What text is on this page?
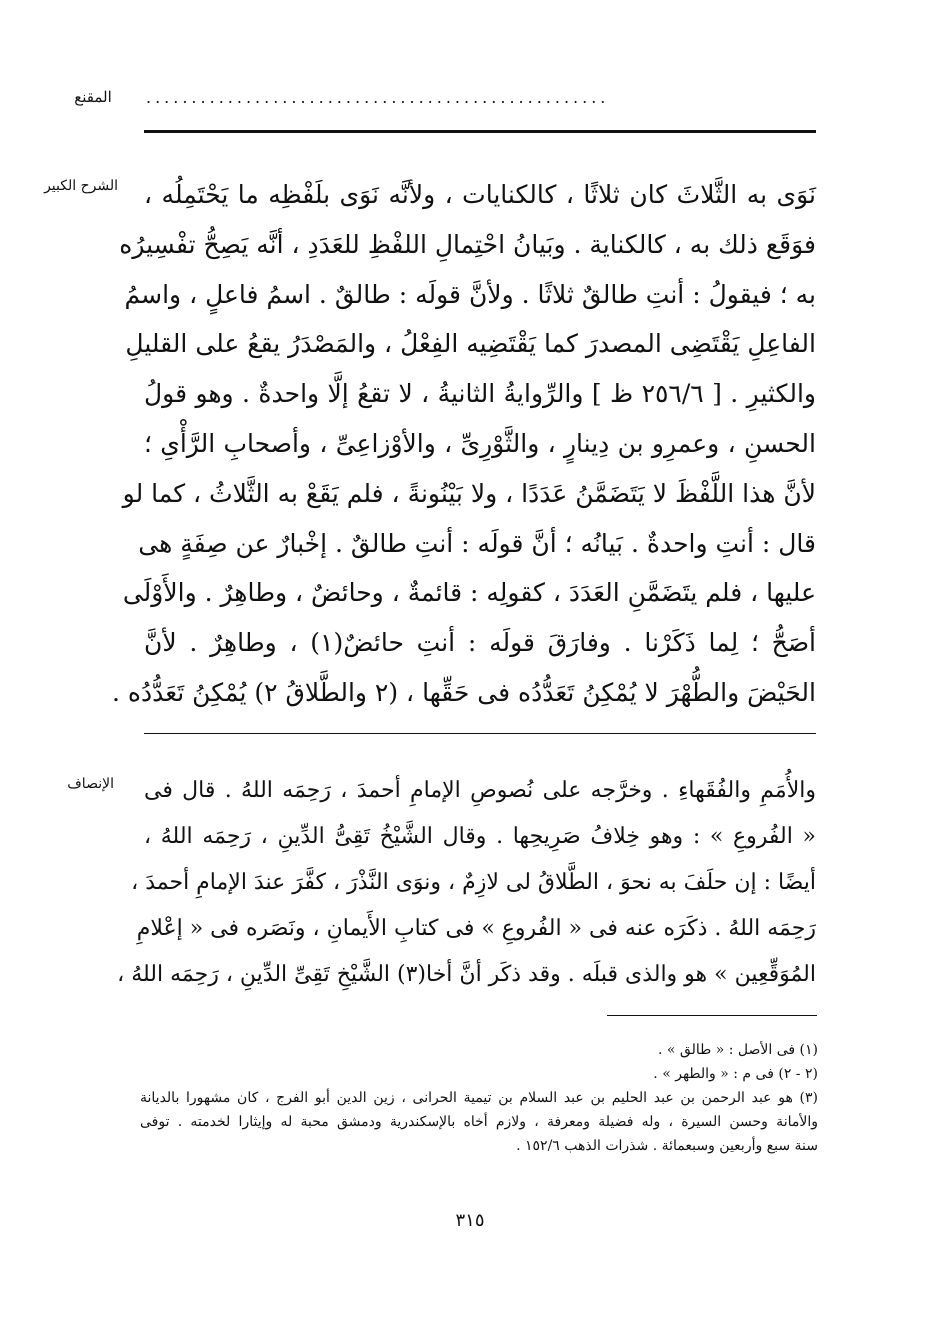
المقنع	...................................................
الشرح الكبير نَوَى به الثَّلاثَ كان ثلاثًا ، كالكنايات ، ولأنَّه نَوَى بلَفْظِه ما يَحْتَمِلُه ،
فوَقَع ذلك به ، كالكناية . وبَيانُ احْتِمالِ اللفْظِ للعَدَدِ ، أنَّه يَصِحُّ تفْسِيرُه
به ؛ فيقولُ : أنتِ طالقٌ ثلاثًا . ولأنَّ قولَه : طالقٌ . اسمُ فاعلٍ ، واسمُ
الفاعِلِ يَقْتَضِى المصدرَ كما يَقْتَضِيه الفِعْلُ ، والمَصْدَرُ يقعُ على القليلِ
والكثيرِ . [ ٢٥٦/٦ ظ ] والرِّوايةُ الثانيةُ ، لا تقعُ إلَّا واحدةٌ . وهو قولُ
الحسنِ ، وعمرِو بن دِينارٍ ، والثَّوْرِىِّ ، والأوْزاعِىِّ ، وأصحابِ الرَّأْىِ ؛
لأنَّ هذا اللَّفْظَ لا يَتَضَمَّنُ عَدَدًا ، ولا بَيْنُونةً ، فلم يَقَعْ به الثَّلاثُ ، كما لو
قال : أنتِ واحدةٌ . بَيانُه ؛ أنَّ قولَه : أنتِ طالقٌ . إخْبارٌ عن صِفَةٍ هى
عليها ، فلم يتَضَمَّنِ العَدَدَ ، كقولِه : قائمةٌ ، وحائضٌ ، وطاهِرٌ . والأَوْلَى
أصَحُّ ؛ لِما ذَكَرْنا . وفارَقَ قولَه : أنتِ حائضٌ(١) ، وطاهِرٌ . لأنَّ
الحَيْضَ والطُّهْرَ لا يُمْكِنُ تَعَدُّدُه فى حَقِّها ، (٢ والطَّلاقُ ٢) يُمْكِنُ تَعَدُّدُه .
الإنصاف والأُمَمِ والفُقَهاءِ . وخرَّجه على نُصوصِ الإمامِ أحمدَ ، رَحِمَه اللهُ . قال فى
« الفُروعِ » : وهو خِلافُ صَرِيحِها . وقال الشَّيْخُ تَقِىُّ الدِّينِ ، رَحِمَه اللهُ ،
أيضًا : إن حلَفَ به نحوَ ، الطَّلاقُ لى لازِمٌ ، ونوَى النَّذْرَ ، كفَّرَ عندَ الإمامِ أحمدَ ،
رَحِمَه اللهُ . ذكَرَه عنه فى « الفُروعِ » فى كتابِ الأَيمانِ ، ونَصَره فى « إعْلامِ
المُوَقِّعِين » هو والذى قبلَه . وقد ذكَر أنَّ أخا(٣) الشَّيْخِ تَقِىِّ الدِّينِ ، رَحِمَه اللهُ ،
(١) فى الأصل : « طالق » .
(٢ - ٢) فى م : « والطهر » .
(٣) هو عبد الرحمن بن عبد الحليم بن عبد السلام بن تيمية الحرانى ، زين الدين أبو الفرج ، كان مشهورا بالديانة
والأمانة وحسن السيرة ، وله فضيلة ومعرفة ، ولازم أخاه بالإسكندرية ودمشق محبة له وإيثارا لخدمته . توفى
سنة سبع وأربعين وسبعمائة . شذرات الذهب ١٥٢/٦ .
٣١٥
